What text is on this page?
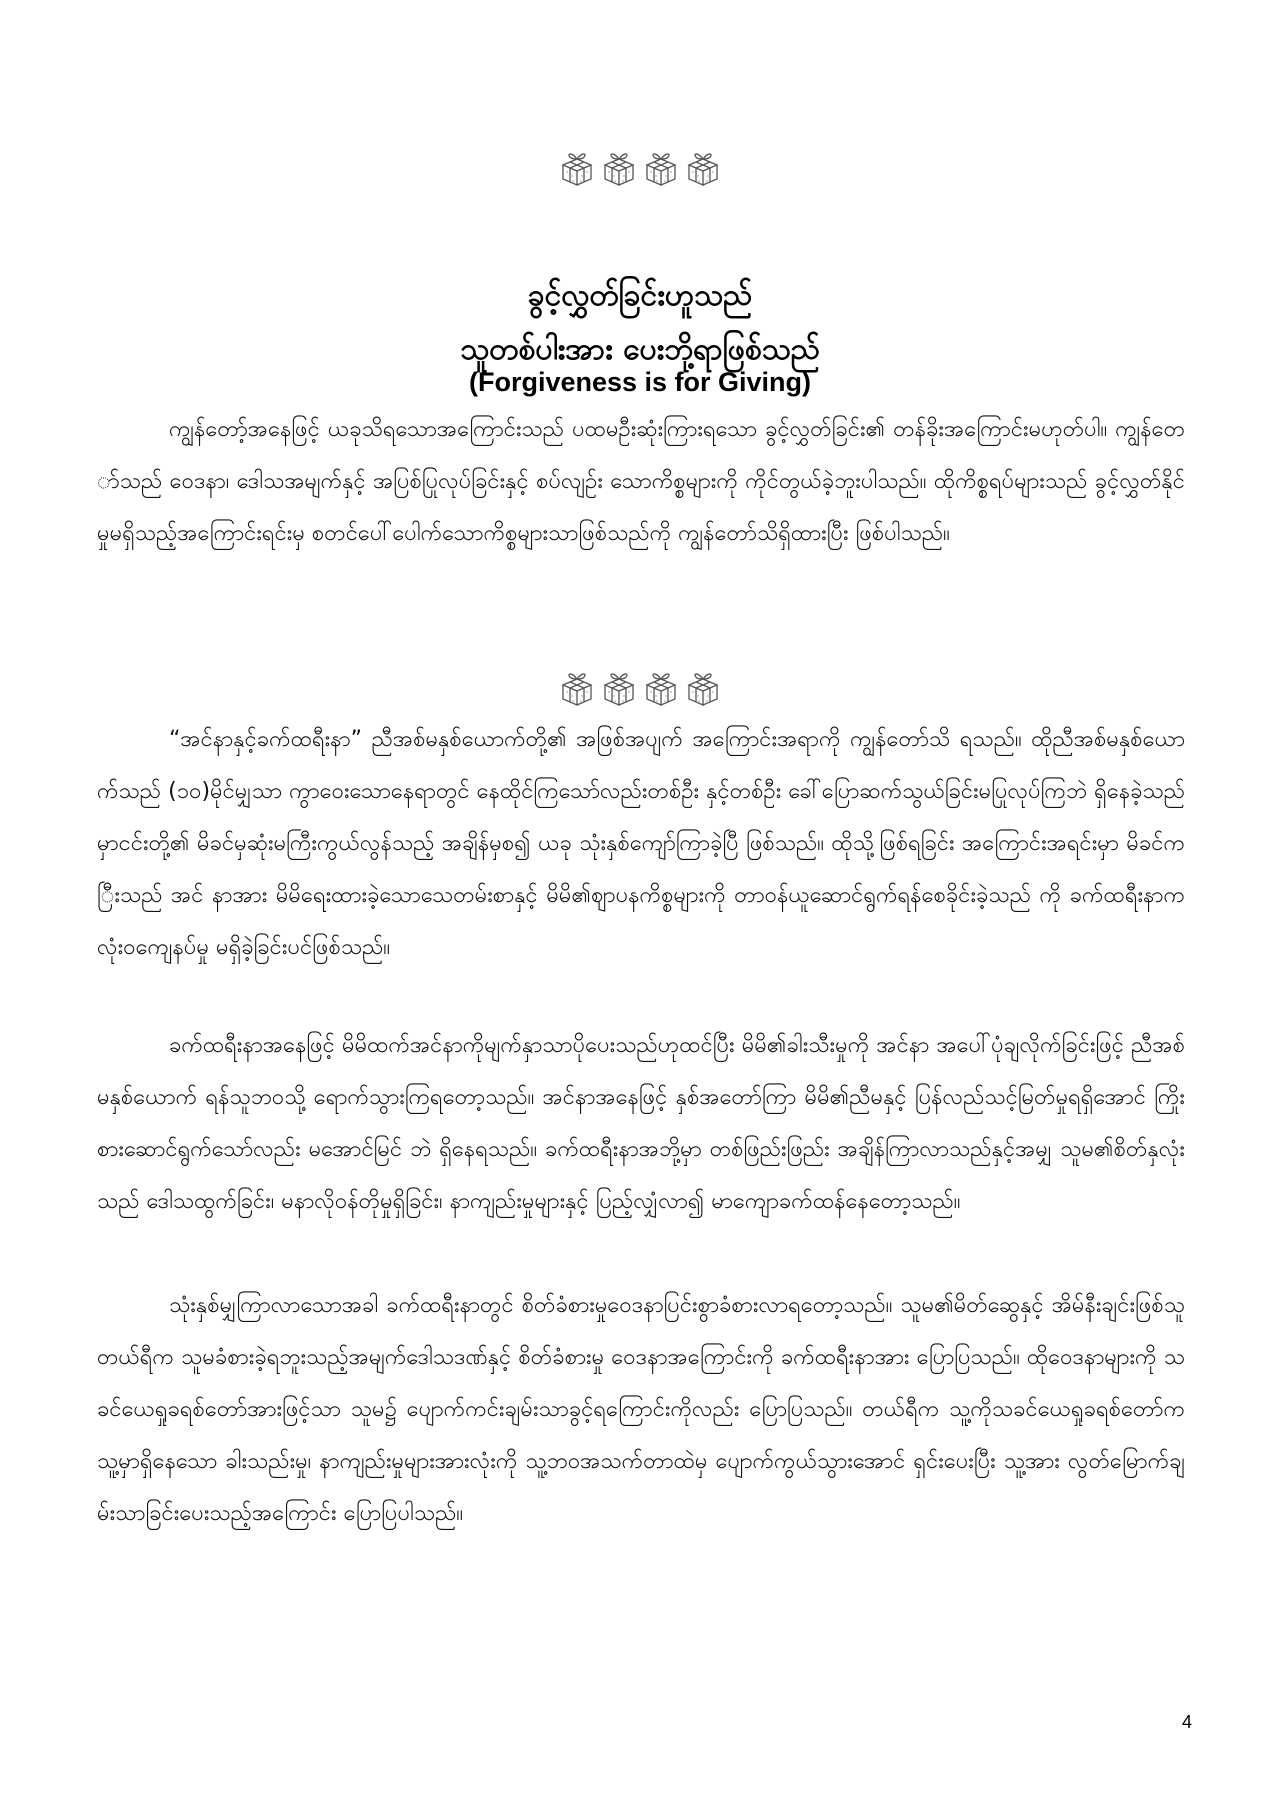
ခွင့်လွှတ်ခြင်းဟူသည်
သူတစ်ပါးအား ပေးဘို့ရာဖြစ်သည်
(Forgiveness is for Giving)

ကျွန်တော့်အနေဖြင့် ယခုသိရသောအကြောင်းသည် ပထမဦးဆုံးကြားရသော ခွင့်လွှတ်ခြင်း၏ တန်ခိုးအကြောင်းမဟုတ်ပါ။ ကျွန်တော်သည် ဝေဒနာ၊ ဒေါသအမျက်နှင့် အပြစ်ပြုလုပ်ခြင်းနှင့် စပ်လျဉ်း သောကိစ္စများကို ကိုင်တွယ်ခဲ့ဘူးပါသည်။ ထိုကိစ္စရပ်များသည် ခွင့်လွှတ်နိုင်မှုမရှိသည့်အကြောင်းရင်းမှ စတင်ပေါ်ပေါက်သောကိစ္စများသာဖြစ်သည်ကို ကျွန်တော်သိရှိထားပြီး ဖြစ်ပါသည်။

“အင်နာနှင့်ခက်ထရီးနာ” ညီအစ်မနှစ်ယောက်တို့၏ အဖြစ်အပျက် အကြောင်းအရာကို ကျွန်တော်သိ ရသည်။ ထိုညီအစ်မနှစ်ယောက်သည် (၁၀)မိုင်မျှသာ ကွာဝေးသောနေရာတွင် နေထိုင်ကြသော်လည်းတစ်ဦး နှင့်တစ်ဦး ခေါ်ပြောဆက်သွယ်ခြင်းမပြုလုပ်ကြဘဲ ရှိနေခဲ့သည်မှာငင်းတို့၏ မိခင်မှဆုံးမကြီးကွယ်လွန်သည့် အချိန်မှစ၍ ယခု သုံးနှစ်ကျော်ကြာခဲ့ပြီ ဖြစ်သည်။ ထိုသို့ဖြစ်ရခြင်း အကြောင်းအရင်းမှာ မိခင်ကြီးသည် အင် နာအား မိမိရေးထားခဲ့သောသေတမ်းစာနှင့် မိမိ၏ဈာပနကိစ္စများကို တာဝန်ယူဆောင်ရွက်ရန်စေခိုင်းခဲ့သည် ကို ခက်ထရီးနာက လုံးဝကျေနပ်မှု မရှိခဲ့ခြင်းပင်ဖြစ်သည်။

ခက်ထရီးနာအနေဖြင့် မိမိထက်အင်နာကိုမျက်နှာသာပိုပေးသည်ဟုထင်ပြီး မိမိ၏ခါးသီးမှုကို အင်နာ အပေါ်ပုံချလိုက်ခြင်းဖြင့် ညီအစ်မနှစ်ယောက် ရန်သူဘဝသို့ ရောက်သွားကြရတော့သည်။ အင်နာအနေဖြင့် နှစ်အတော်ကြာ မိမိ၏ညီမနှင့် ပြန်လည်သင့်မြတ်မှုရရှိအောင် ကြိုးစားဆောင်ရွက်သော်လည်း မအောင်မြင် ဘဲ ရှိနေရသည်။ ခက်ထရီးနာအဘို့မှာ တစ်ဖြည်းဖြည်း အချိန်ကြာလာသည်နှင့်အမျှ သူမ၏စိတ်နှလုံးသည် ဒေါသထွက်ခြင်း၊ မနာလိုဝန်တိုမှုရှိခြင်း၊ နာကျည်းမှုများနှင့် ပြည့်လျှံလာ၍ မာကျောခက်ထန်နေတော့သည်။

သုံးနှစ်မျှကြာလာသောအခါ ခက်ထရီးနာတွင် စိတ်ခံစားမှုဝေဒနာပြင်းစွာခံစားလာရတော့သည်။ သူမ၏မိတ်ဆွေနှင့် အိမ်နီးချင်းဖြစ်သူတယ်ရီက သူမခံစားခဲ့ရဘူးသည့်အမျက်ဒေါသဒဏ်နှင့် စိတ်ခံစားမှု ဝေဒနာအကြောင်းကို ခက်ထရီးနာအား ပြောပြသည်။ ထိုဝေဒနာများကို သခင်ယေရှုခရစ်တော်အားဖြင့်သာ သူမ၌ ပျောက်ကင်းချမ်းသာခွင့်ရကြောင်းကိုလည်း ပြောပြသည်။ တယ်ရီက သူ့ကိုသခင်ယေရှုခရစ်တော်က သူ့မှာရှိနေသော ခါးသည်းမှု၊ နာကျည်းမှုများအားလုံးကို သူ့ဘဝအသက်တာထဲမှ ပျောက်ကွယ်သွားအောင် ရှင်းပေးပြီး သူ့အား လွတ်မြောက်ချမ်းသာခြင်းပေးသည့်အကြောင်း ပြောပြပါသည်။

4
